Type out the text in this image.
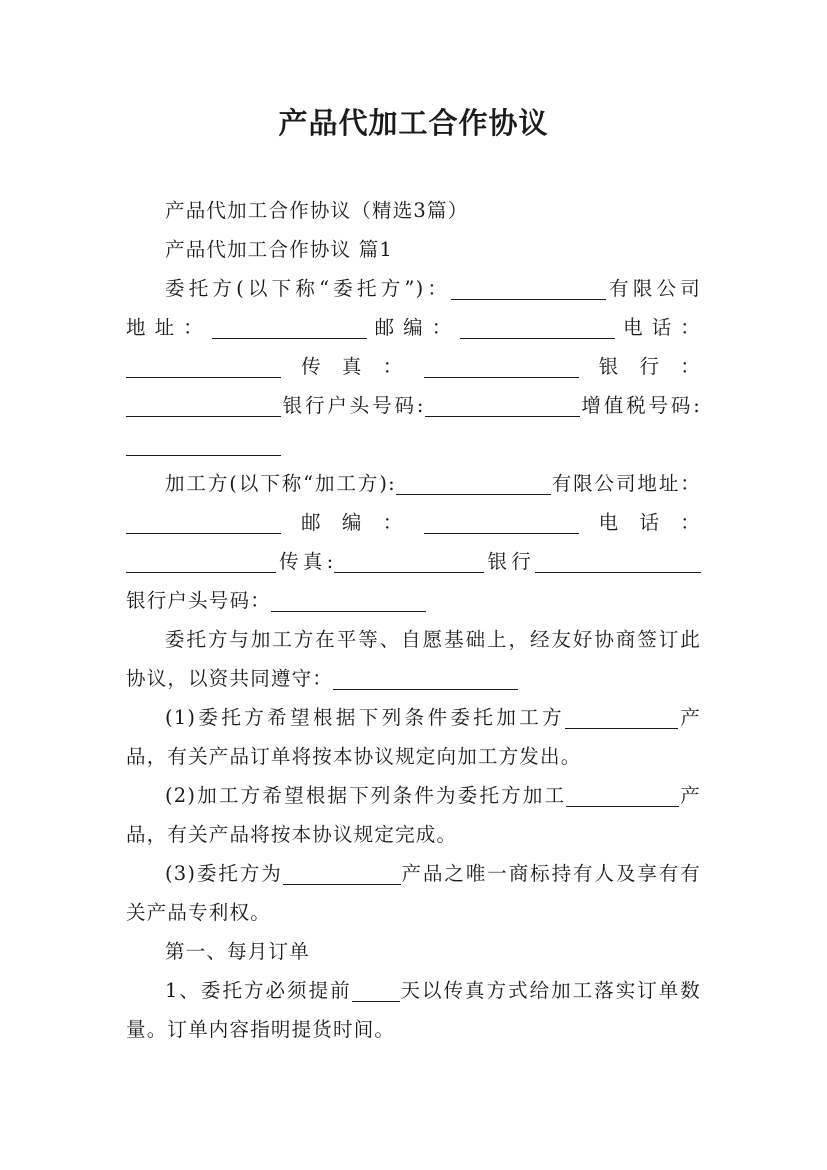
产品代加工合作协议

产品代加工合作协议（精选3篇）

产品代加工合作协议 篇1

委托方(以下称“委托方”)：	有限公司

地址：	邮编：	电话：

传真：	银行：

银行户头号码:	增值税号码:

加工方(以下称“加工方):	有限公司地址：

邮编：	电话：

传真:	银行

银行户头号码：

委托方与加工方在平等、自愿基础上，经友好协商签订此协议，以资共同遵守：

(1)委托方希望根据下列条件委托加工方	产品，有关产品订单将按本协议规定向加工方发出。

(2)加工方希望根据下列条件为委托方加工	产品，有关产品将按本协议规定完成。

(3)委托方为	产品之唯一商标持有人及享有有关产品专利权。

第一、每月订单

1、委托方必须提前 天以传真方式给加工落实订单数量。订单内容指明提货时间。
